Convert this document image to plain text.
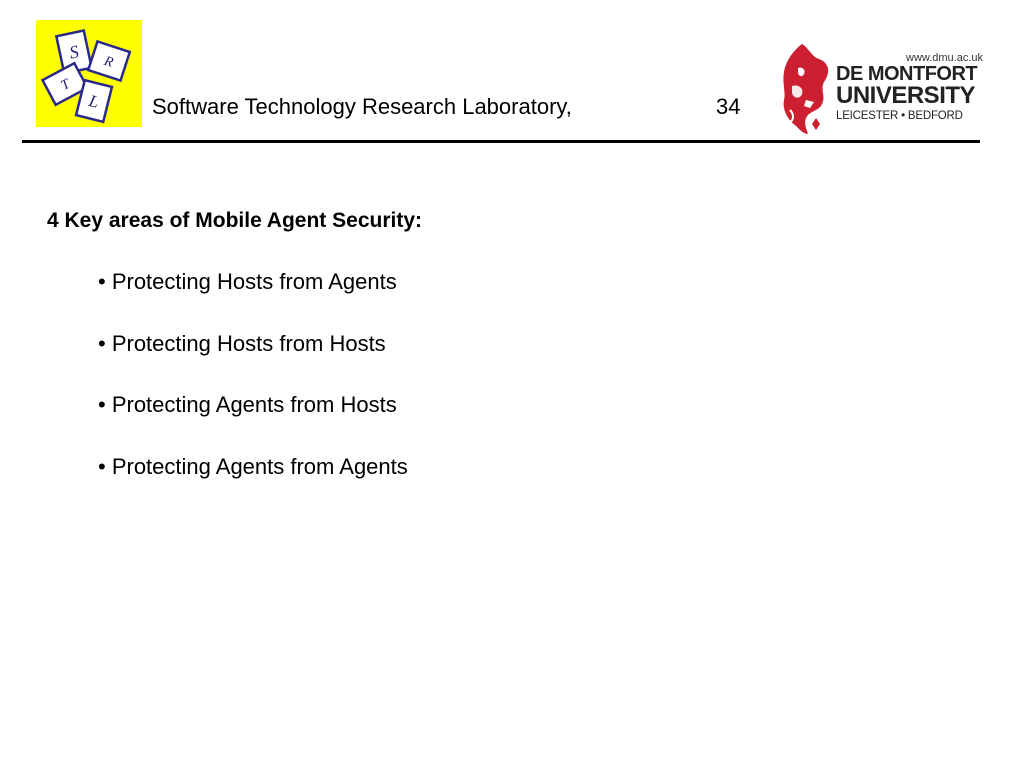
S R
T
L Software Technology Research Laboratory,	34
www.dmu.ac.uk
DE MONTFORT
UNIVERSITY
LEICESTER • BEDFORD
4 Key areas of Mobile Agent Security:
• Protecting Hosts from Agents
• Protecting Hosts from Hosts
• Protecting Agents from Hosts
• Protecting Agents from Agents
